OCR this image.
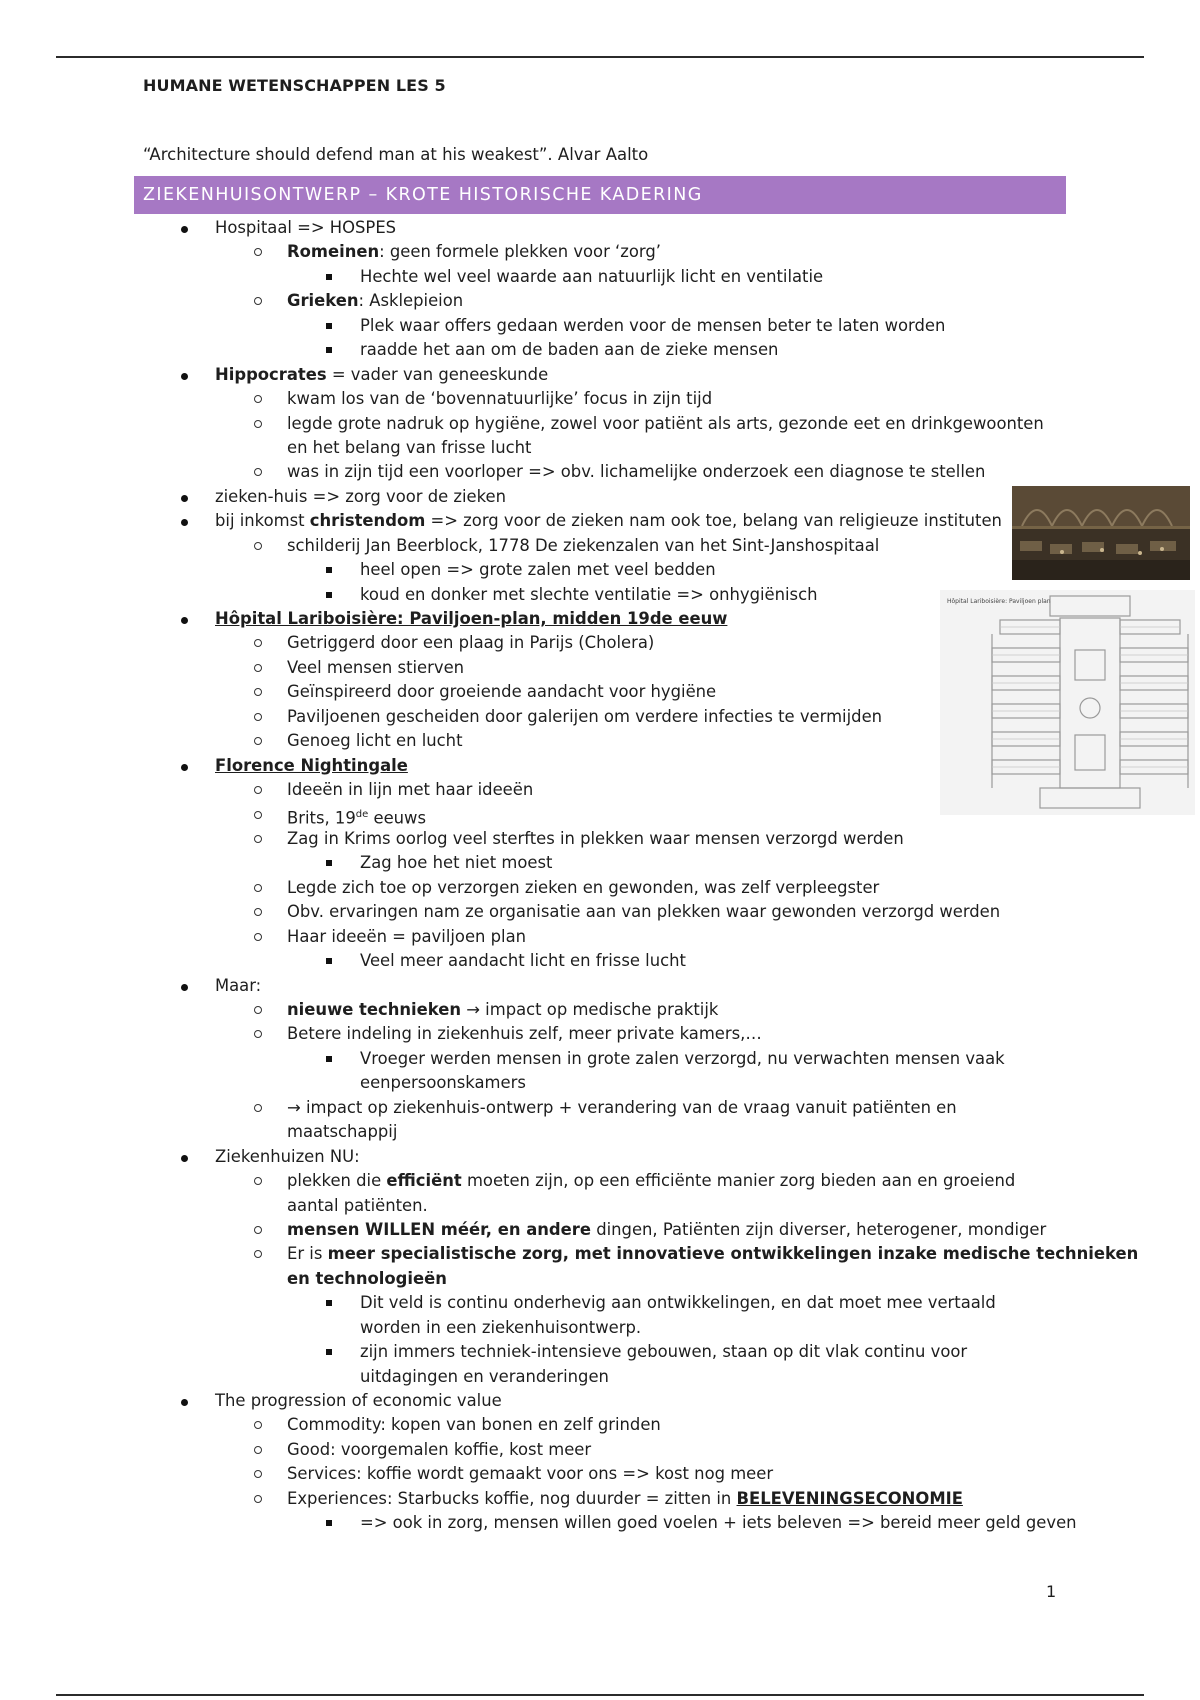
HUMANE WETENSCHAPPEN LES 5
“Architecture should defend man at his weakest”. Alvar Aalto
ZIEKENHUISONTWERP – KROTE HISTORISCHE KADERING
Hospitaal => HOSPES
Romeinen: geen formele plekken voor ‘zorg’
Hechte wel veel waarde aan natuurlijk licht en ventilatie
Grieken: Asklepieion
Plek waar offers gedaan werden voor de mensen beter te laten worden
raadde het aan om de baden aan de zieke mensen
Hippocrates = vader van geneeskunde
kwam los van de ‘bovennatuurlijke’ focus in zijn tijd
legde grote nadruk op hygiëne, zowel voor patiënt als arts, gezonde eet en drinkgewoonten
en het belang van frisse lucht
was in zijn tijd een voorloper => obv. lichamelijke onderzoek een diagnose te stellen
zieken-huis => zorg voor de zieken
bij inkomst christendom => zorg voor de zieken nam ook toe, belang van religieuze instituten
schilderij Jan Beerblock, 1778 De ziekenzalen van het Sint-Janshospitaal
heel open => grote zalen met veel bedden
koud en donker met slechte ventilatie => onhygiënisch
Hôpital Lariboisière: Paviljoen-plan, midden 19de eeuw
Getriggerd door een plaag in Parijs (Cholera)
Veel mensen stierven
Geïnspireerd door groeiende aandacht voor hygiëne
Paviljoenen gescheiden door galerijen om verdere infecties te vermijden
Genoeg licht en lucht
Florence Nightingale
Ideeën in lijn met haar ideeën
Brits, 19de eeuws
Zag in Krims oorlog veel sterftes in plekken waar mensen verzorgd werden
Zag hoe het niet moest
Legde zich toe op verzorgen zieken en gewonden, was zelf verpleegster
Obv. ervaringen nam ze organisatie aan van plekken waar gewonden verzorgd werden
Haar ideeën = paviljoen plan
Veel meer aandacht licht en frisse lucht
Maar:
nieuwe technieken → impact op medische praktijk
Betere indeling in ziekenhuis zelf, meer private kamers,…
Vroeger werden mensen in grote zalen verzorgd, nu verwachten mensen vaak
eenpersoonskamers
→ impact op ziekenhuis-ontwerp + verandering van de vraag vanuit patiënten en
maatschappij
Ziekenhuizen NU:
plekken die efficiënt moeten zijn, op een efficiënte manier zorg bieden aan en groeiend
aantal patiënten.
mensen WILLEN méér, en andere dingen, Patiënten zijn diverser, heterogener, mondiger
Er is meer specialistische zorg, met innovatieve ontwikkelingen inzake medische technieken
en technologieën
Dit veld is continu onderhevig aan ontwikkelingen, en dat moet mee vertaald
worden in een ziekenhuisontwerp.
zijn immers techniek-intensieve gebouwen, staan op dit vlak continu voor
uitdagingen en veranderingen
The progression of economic value
Commodity: kopen van bonen en zelf grinden
Good: voorgemalen koffie, kost meer
Services: koffie wordt gemaakt voor ons => kost nog meer
Experiences: Starbucks koffie, nog duurder = zitten in BELEVENINGSECONOMIE
=> ook in zorg, mensen willen goed voelen + iets beleven => bereid meer geld geven
Hôpital Lariboisière: Paviljoen plan
1
